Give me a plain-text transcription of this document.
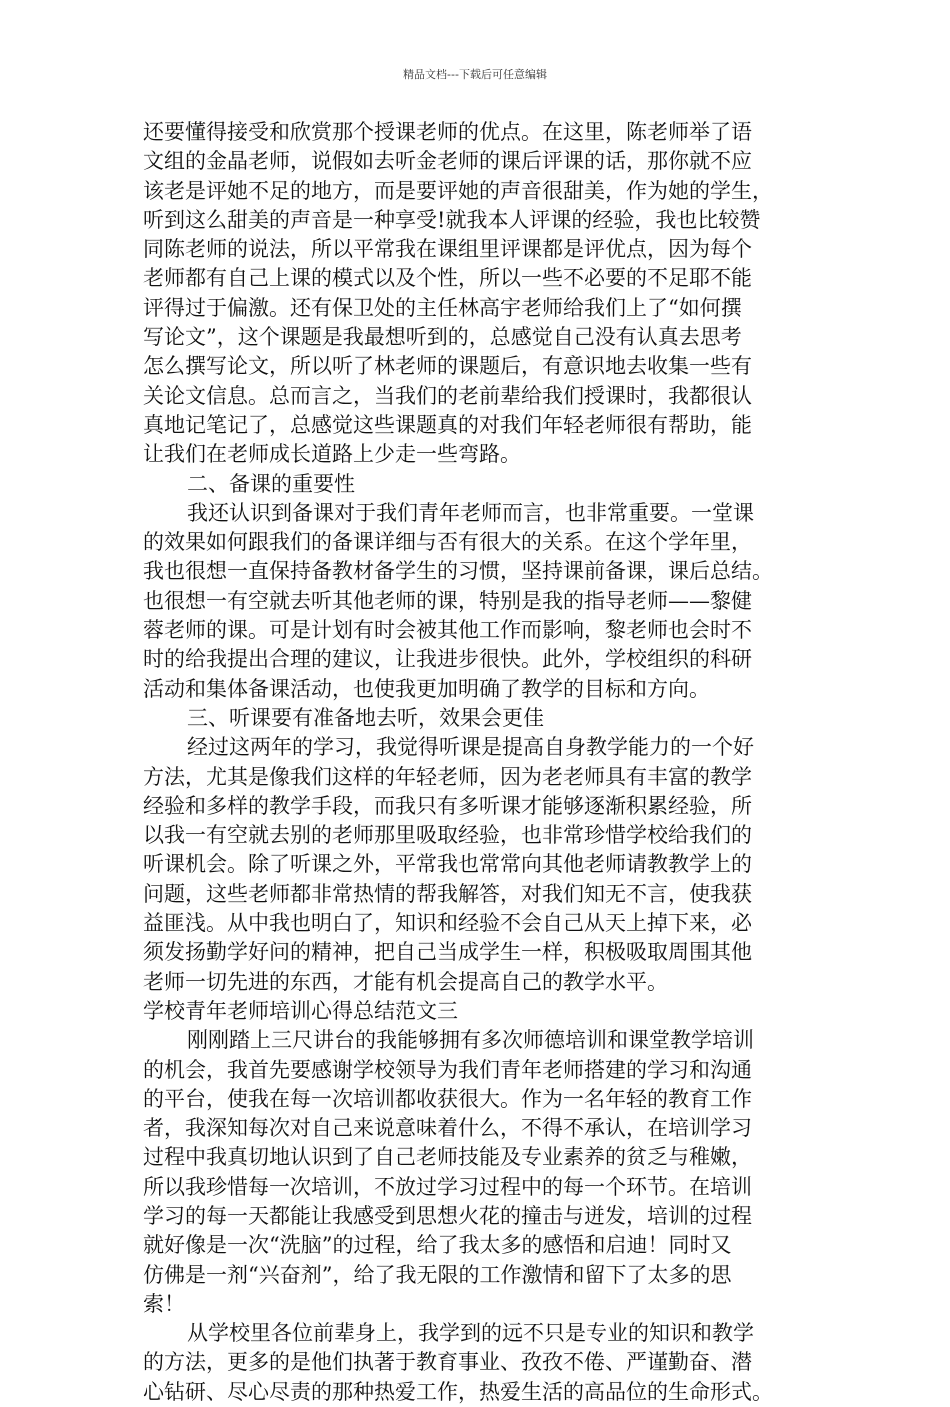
精品文档---下载后可任意编辑
还要懂得接受和欣赏那个授课老师的优点。在这里，陈老师举了语
文组的金晶老师，说假如去听金老师的课后评课的话，那你就不应
该老是评她不足的地方，而是要评她的声音很甜美，作为她的学生，
听到这么甜美的声音是一种享受!就我本人评课的经验，我也比较赞
同陈老师的说法，所以平常我在课组里评课都是评优点，因为每个
老师都有自己上课的模式以及个性，所以一些不必要的不足耶不能
评得过于偏激。还有保卫处的主任林高宇老师给我们上了“如何撰
写论文”，这个课题是我最想听到的，总感觉自己没有认真去思考
怎么撰写论文，所以听了林老师的课题后，有意识地去收集一些有
关论文信息。总而言之，当我们的老前辈给我们授课时，我都很认
真地记笔记了，总感觉这些课题真的对我们年轻老师很有帮助，能
让我们在老师成长道路上少走一些弯路。
二、备课的重要性
我还认识到备课对于我们青年老师而言，也非常重要。一堂课
的效果如何跟我们的备课详细与否有很大的关系。在这个学年里，
我也很想一直保持备教材备学生的习惯，坚持课前备课，课后总结。
也很想一有空就去听其他老师的课，特别是我的指导老师——黎健
蓉老师的课。可是计划有时会被其他工作而影响，黎老师也会时不
时的给我提出合理的建议，让我进步很快。此外，学校组织的科研
活动和集体备课活动，也使我更加明确了教学的目标和方向。
三、听课要有准备地去听，效果会更佳
经过这两年的学习，我觉得听课是提高自身教学能力的一个好
方法，尤其是像我们这样的年轻老师，因为老老师具有丰富的教学
经验和多样的教学手段，而我只有多听课才能够逐渐积累经验，所
以我一有空就去别的老师那里吸取经验，也非常珍惜学校给我们的
听课机会。除了听课之外，平常我也常常向其他老师请教教学上的
问题，这些老师都非常热情的帮我解答，对我们知无不言，使我获
益匪浅。从中我也明白了，知识和经验不会自己从天上掉下来，必
须发扬勤学好问的精神，把自己当成学生一样，积极吸取周围其他
老师一切先进的东西，才能有机会提高自己的教学水平。
学校青年老师培训心得总结范文三
刚刚踏上三尺讲台的我能够拥有多次师德培训和课堂教学培训
的机会，我首先要感谢学校领导为我们青年老师搭建的学习和沟通
的平台，使我在每一次培训都收获很大。作为一名年轻的教育工作
者，我深知每次对自己来说意味着什么，不得不承认，在培训学习
过程中我真切地认识到了自己老师技能及专业素养的贫乏与稚嫩，
所以我珍惜每一次培训，不放过学习过程中的每一个环节。在培训
学习的每一天都能让我感受到思想火花的撞击与迸发，培训的过程
就好像是一次“洗脑”的过程，给了我太多的感悟和启迪！同时又
仿佛是一剂“兴奋剂”，给了我无限的工作激情和留下了太多的思
索！
从学校里各位前辈身上，我学到的远不只是专业的知识和教学
的方法，更多的是他们执著于教育事业、孜孜不倦、严谨勤奋、潜
心钻研、尽心尽责的那种热爱工作，热爱生活的高品位的生命形式。
